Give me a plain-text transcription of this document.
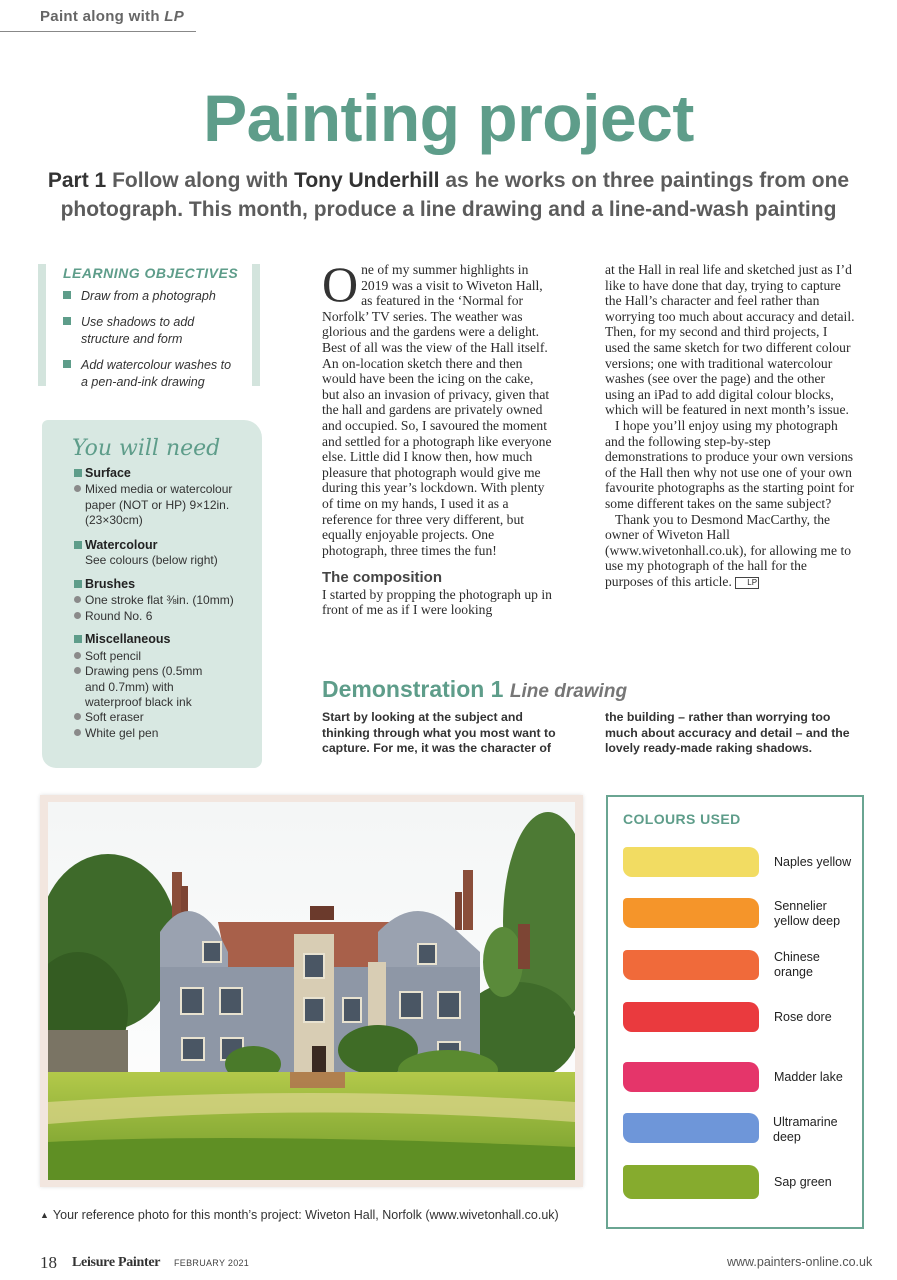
Paint along with LP
Painting project
Part 1 Follow along with Tony Underhill as he works on three paintings from one photograph. This month, produce a line drawing and a line-and-wash painting
LEARNING OBJECTIVES
Draw from a photograph
Use shadows to add structure and form
Add watercolour washes to a pen-and-ink drawing
You will need
Surface
Mixed media or watercolour paper (NOT or HP) 9×12in. (23×30cm)
Watercolour
See colours (below right)
Brushes
One stroke flat ⅜in. (10mm)
Round No. 6
Miscellaneous
Soft pencil
Drawing pens (0.5mm and 0.7mm) with waterproof black ink
Soft eraser
White gel pen

One of my summer highlights in 2019 was a visit to Wiveton Hall, as featured in the ‘Normal for Norfolk’ TV series. The weather was glorious and the gardens were a delight. Best of all was the view of the Hall itself. An on-location sketch there and then would have been the icing on the cake, but also an invasion of privacy, given that the hall and gardens are privately owned and occupied. So, I savoured the moment and settled for a photograph like everyone else. Little did I know then, how much pleasure that photograph would give me during this year’s lockdown. With plenty of time on my hands, I used it as a reference for three very different, but equally enjoyable projects. One photograph, three times the fun!

The composition

I started by propping the photograph up in front of me as if I were looking

at the Hall in real life and sketched just as I’d like to have done that day, trying to capture the Hall’s character and feel rather than worrying too much about accuracy and detail. Then, for my second and third projects, I used the same sketch for two different colour versions; one with traditional watercolour washes (see over the page) and the other using an iPad to add digital colour blocks, which will be featured in next month’s issue.

I hope you’ll enjoy using my photograph and the following step-by-step demonstrations to produce your own versions of the Hall then why not use one of your own favourite photographs as the starting point for some different takes on the same subject?

Thank you to Desmond MacCarthy, the owner of Wiveton Hall (www.wivetonhall.co.uk), for allowing me to use my photograph of the hall for the purposes of this article. LP

Demonstration 1 Line drawing
Start by looking at the subject and thinking through what you most want to capture. For me, it was the character of
the building – rather than worrying too much about accuracy and detail – and the lovely ready-made raking shadows.
▲ Your reference photo for this month’s project: Wiveton Hall, Norfolk (www.wivetonhall.co.uk)
COLOURS USED
Naples yellow
Sennelier yellow deep
Chinese orange
Rose dore
Madder lake
Ultramarine deep
Sap green
18 Leisure Painter FEBRUARY 2021	www.painters-online.co.uk
